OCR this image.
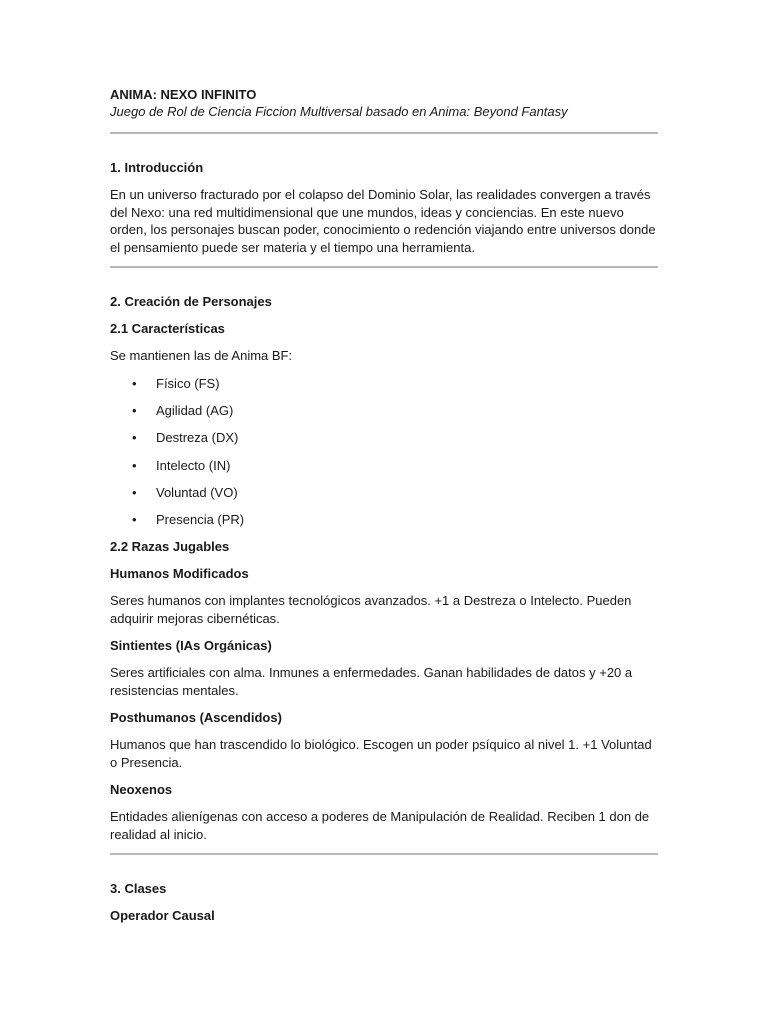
ANIMA: NEXO INFINITO
Juego de Rol de Ciencia Ficcion Multiversal basado en Anima: Beyond Fantasy
1. Introducción
En un universo fracturado por el colapso del Dominio Solar, las realidades convergen a través del Nexo: una red multidimensional que une mundos, ideas y conciencias. En este nuevo orden, los personajes buscan poder, conocimiento o redención viajando entre universos donde el pensamiento puede ser materia y el tiempo una herramienta.
2. Creación de Personajes
2.1 Características
Se mantienen las de Anima BF:
• Físico (FS)
• Agilidad (AG)
• Destreza (DX)
• Intelecto (IN)
• Voluntad (VO)
• Presencia (PR)
2.2 Razas Jugables
Humanos Modificados
Seres humanos con implantes tecnológicos avanzados. +1 a Destreza o Intelecto. Pueden adquirir mejoras cibernéticas.
Sintientes (IAs Orgánicas)
Seres artificiales con alma. Inmunes a enfermedades. Ganan habilidades de datos y +20 a resistencias mentales.
Posthumanos (Ascendidos)
Humanos que han trascendido lo biológico. Escogen un poder psíquico al nivel 1. +1 Voluntad o Presencia.
Neoxenos
Entidades alienígenas con acceso a poderes de Manipulación de Realidad. Reciben 1 don de realidad al inicio.
3. Clases
Operador Causal
